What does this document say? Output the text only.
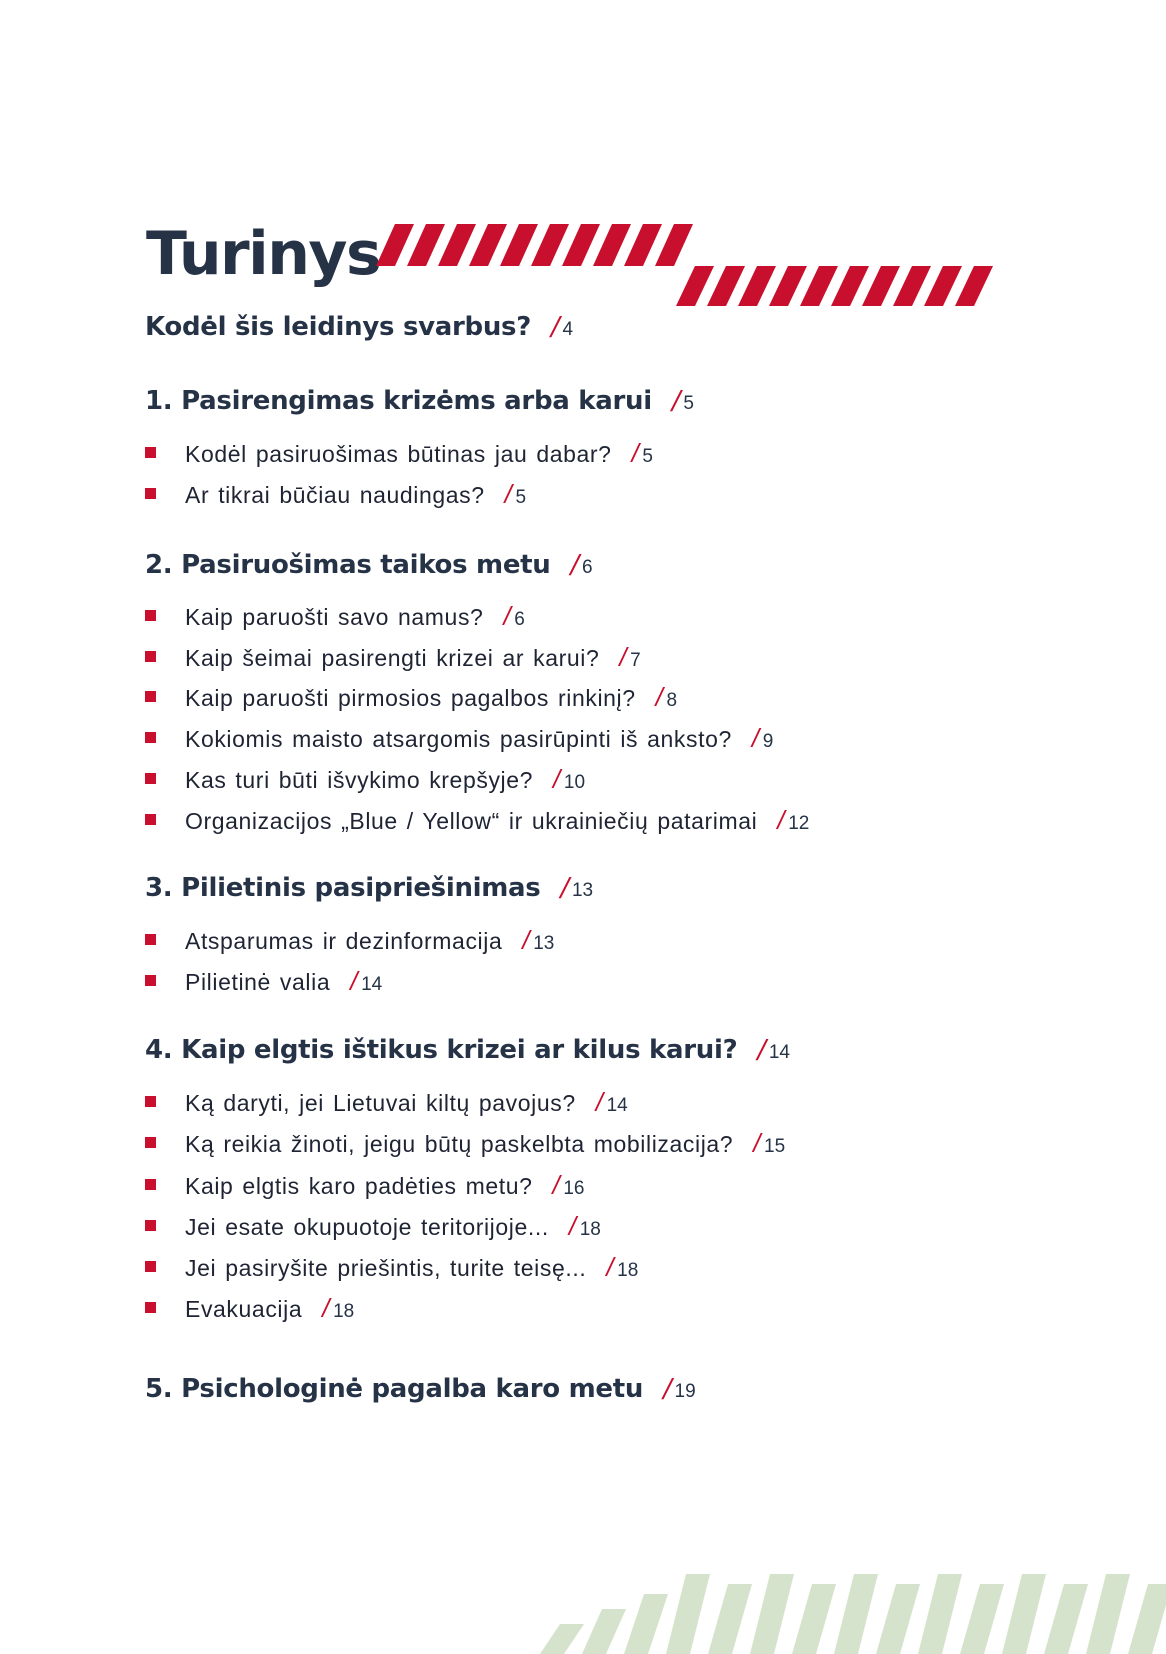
Turinys
Kodėl šis leidinys svarbus? / 4
1. Pasirengimas krizėms arba karui / 5
Kodėl pasiruošimas būtinas jau dabar? / 5
Ar tikrai būčiau naudingas? / 5
2. Pasiruošimas taikos metu / 6
Kaip paruošti savo namus? / 6
Kaip šeimai pasirengti krizei ar karui? / 7
Kaip paruošti pirmosios pagalbos rinkinį? / 8
Kokiomis maisto atsargomis pasirūpinti iš anksto? / 9
Kas turi būti išvykimo krepšyje? / 10
Organizacijos „Blue / Yellow“ ir ukrainiečių patarimai / 12
3. Pilietinis pasipriešinimas / 13
Atsparumas ir dezinformacija / 13
Pilietinė valia / 14
4. Kaip elgtis ištikus krizei ar kilus karui? / 14
Ką daryti, jei Lietuvai kiltų pavojus? / 14
Ką reikia žinoti, jeigu būtų paskelbta mobilizacija? / 15
Kaip elgtis karo padėties metu? / 16
Jei esate okupuotoje teritorijoje... / 18
Jei pasiryšite priešintis, turite teisę... / 18
Evakuacija / 18
5. Psichologinė pagalba karo metu / 19
